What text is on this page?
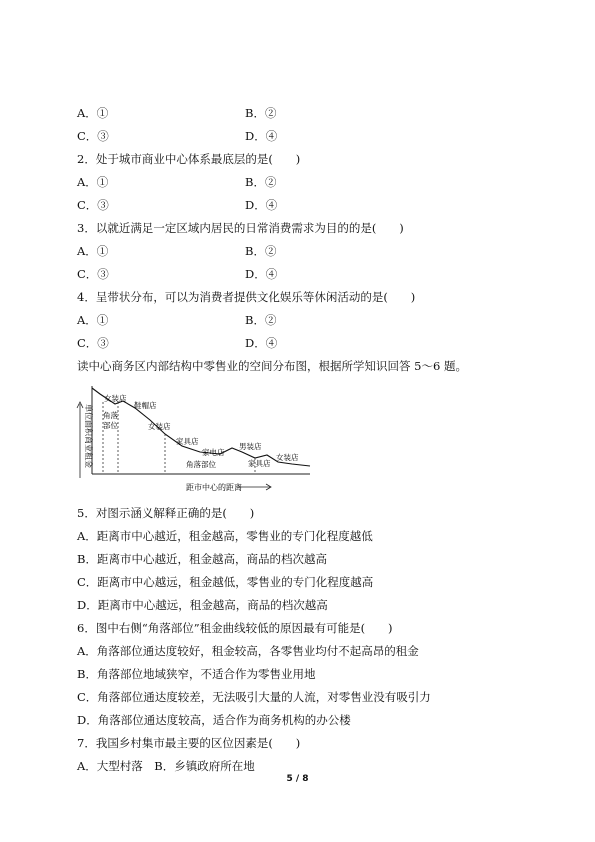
A．①	B．②
C．③	D．④
2．处于城市商业中心体系最底层的是(　　)
A．①	B．②
C．③	D．④
3．以就近满足一定区域内居民的日常消费需求为目的的是(　　)
A．①	B．②
C．③	D．④
4．呈带状分布，可以为消费者提供文化娱乐等休闲活动的是(　　)
A．①	B．②
C．③	D．④
读中心商务区内部结构中零售业的空间分布图，根据所学知识回答 5～6 题。
单位面积商业租金
距市中心的距离
女装店
角落
部位
鞋帽店
女装店
家具店
家电店
男装店
角落部位	家具店
女装店
5．对图示涵义解释正确的是(　　)
A．距离市中心越近，租金越高，零售业的专门化程度越低
B．距离市中心越近，租金越高，商品的档次越高
C．距离市中心越远，租金越低，零售业的专门化程度越高
D．距离市中心越远，租金越高，商品的档次越高
6．图中右侧“角落部位”租金曲线较低的原因最有可能是(　　)
A．角落部位通达度较好，租金较高，各零售业均付不起高昂的租金
B．角落部位地域狭窄，不适合作为零售业用地
C．角落部位通达度较差，无法吸引大量的人流，对零售业没有吸引力
D．角落部位通达度较高，适合作为商务机构的办公楼
7．我国乡村集市最主要的区位因素是(　　)
A．大型村落　B．乡镇政府所在地
5 / 8
